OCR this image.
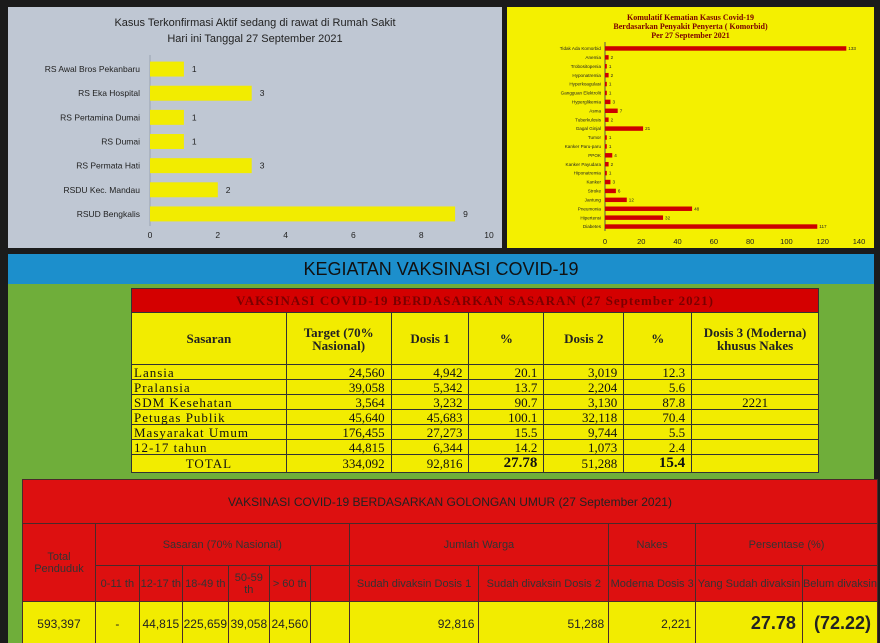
Kasus Terkonfirmasi Aktif sedang di rawat di Rumah Sakit
Hari ini Tanggal 27 September 2021
RS Awal Bros Pekanbaru	1
RS Eka Hospital	3
RS Pertamina Dumai	1
RS Dumai	1
RS Permata Hati	3
RSDU Kec. Mandau	2
RSUD Bengkalis	9
0	2	4	6	8	10
Komulatif Kematian Kasus Covid-19
Berdasarkan Penyakit Penyerta ( Komorbid)
Per 27 September 2021
Tidak Ada Komorbid	133
Anemia 2
Trobositopenia 1
Hyponatremia 2
Hyperkoagulasi 1
Gangguan Elektrolit 1
Hyperglikemia 3
Asma	7
Tuberkulosis 2
Gagal Ginjal	21
Tumor 1
Kanker Paru-paru 1
PPOK	4
Kanker Payudara 2
Hiponatremia 1
Kanker 3
Stroke	6
Jantung	12
Pneumonia	48
Hipertensi	32
Diabetes	117
0	20	40	60	80	100	120	140
KEGIATAN VAKSINASI COVID-19
VAKSINASI COVID-19 BERDASARKAN SASARAN (27 September 2021)						
Sasaran	Target (70% Nasional)	Dosis 1	%	Dosis 2	%	Dosis 3 (Moderna) khusus Nakes
Lansia	24,560	4,942	20.1	3,019	12.3	
Pralansia	39,058	5,342	13.7	2,204	5.6	
SDM Kesehatan	3,564	3,232	90.7	3,130	87.8	2221
Petugas Publik	45,640	45,683	100.1	32,118	70.4	
Masyarakat Umum	176,455	27,273	15.5	9,744	5.5	
12-17 tahun	44,815	6,344	14.2	1,073	2.4	
TOTAL	334,092	92,816	27.78	51,288	15.4	
VAKSINASI COVID-19 BERDASARKAN GOLONGAN UMUR (27 September 2021)											
Total Penduduk	Sasaran (70% Nasional)						Jumlah Warga		Nakes	Persentase (%)	
	0-11 th	12-17 th	18-49 th	50-59 th	> 60 th		Sudah divaksin Dosis 1	Sudah divaksin Dosis 2	Moderna Dosis 3	Yang Sudah divaksin	Belum divaksin
593,397	-	44,815	225,659	39,058	24,560		92,816	51,288	2,221	27.78	(72.22)
